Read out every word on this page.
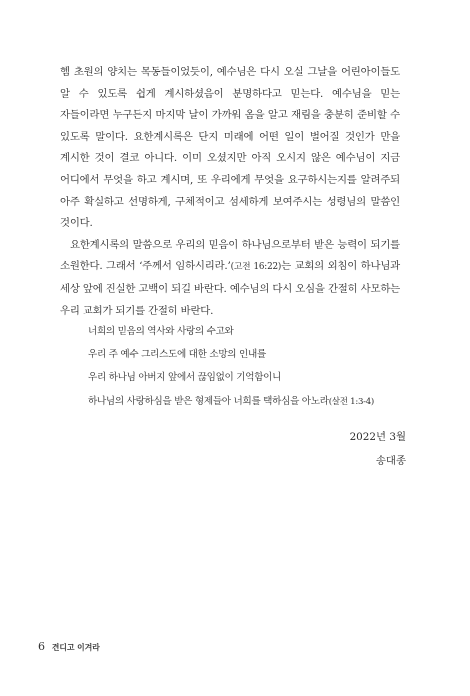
헴 초원의 양치는 목동들이었듯이, 예수님은 다시 오실 그날을 어린아이들도 알 수 있도록 쉽게 계시하셨음이 분명하다고 믿는다. 예수님을 믿는 자들이라면 누구든지 마지막 날이 가까워 옴을 알고 재림을 충분히 준비할 수 있도록 말이다. 요한계시록은 단지 미래에 어떤 일이 벌어질 것인가 만을 계시한 것이 결코 아니다. 이미 오셨지만 아직 오시지 않은 예수님이 지금 어디에서 무엇을 하고 계시며, 또 우리에게 무엇을 요구하시는지를 알려주되 아주 확실하고 선명하게, 구체적이고 섬세하게 보여주시는 성령님의 말씀인 것이다.

요한계시록의 말씀으로 우리의 믿음이 하나님으로부터 받은 능력이 되기를 소원한다. 그래서 ‘주께서 임하시리라.’(고전 16:22)는 교회의 외침이 하나님과 세상 앞에 진실한 고백이 되길 바란다. 예수님의 다시 오심을 간절히 사모하는 우리 교회가 되기를 간절히 바란다.

너희의 믿음의 역사와 사랑의 수고와

우리 주 예수 그리스도에 대한 소망의 인내를

우리 하나님 아버지 앞에서 끊임없이 기억함이니

하나님의 사랑하심을 받은 형제들아 너희를 택하심을 아노라(살전 1:3-4)

2022년 3월
송대종
6 견디고 이겨라
